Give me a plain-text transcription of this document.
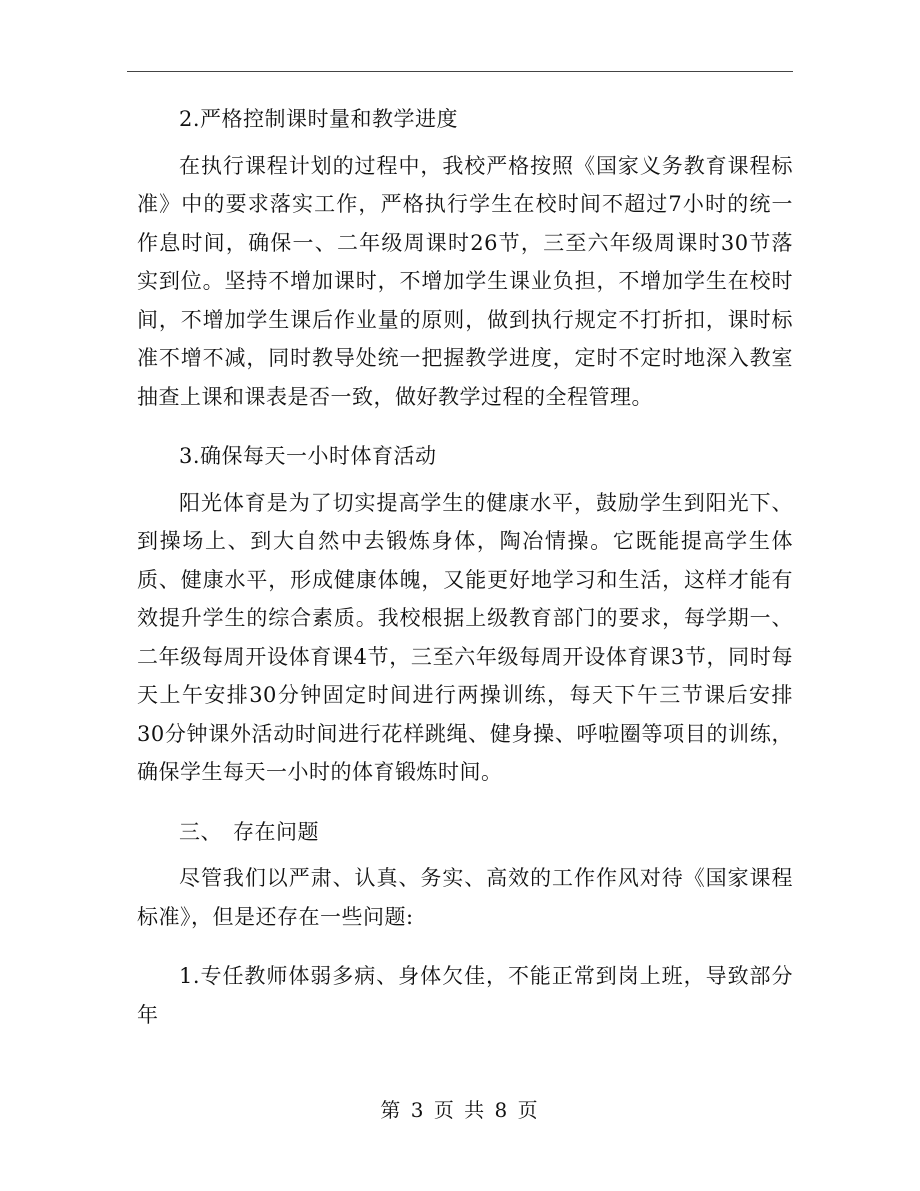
2.严格控制课时量和教学进度

在执行课程计划的过程中，我校严格按照《国家义务教育课程标准》中的要求落实工作，严格执行学生在校时间不超过7小时的统一作息时间，确保一、二年级周课时26节，三至六年级周课时30节落实到位。坚持不增加课时，不增加学生课业负担，不增加学生在校时间，不增加学生课后作业量的原则，做到执行规定不打折扣，课时标准不增不减，同时教导处统一把握教学进度，定时不定时地深入教室抽查上课和课表是否一致，做好教学过程的全程管理。

3.确保每天一小时体育活动

阳光体育是为了切实提高学生的健康水平，鼓励学生到阳光下、到操场上、到大自然中去锻炼身体，陶冶情操。它既能提高学生体质、健康水平，形成健康体魄，又能更好地学习和生活，这样才能有效提升学生的综合素质。我校根据上级教育部门的要求，每学期一、二年级每周开设体育课4节，三至六年级每周开设体育课3节，同时每天上午安排30分钟固定时间进行两操训练，每天下午三节课后安排30分钟课外活动时间进行花样跳绳、健身操、呼啦圈等项目的训练，确保学生每天一小时的体育锻炼时间。

三、　存在问题

尽管我们以严肃、认真、务实、高效的工作作风对待《国家课程标准》，但是还存在一些问题:

1.专任教师体弱多病、身体欠佳，不能正常到岗上班，导致部分年

第 3 页 共 8 页
